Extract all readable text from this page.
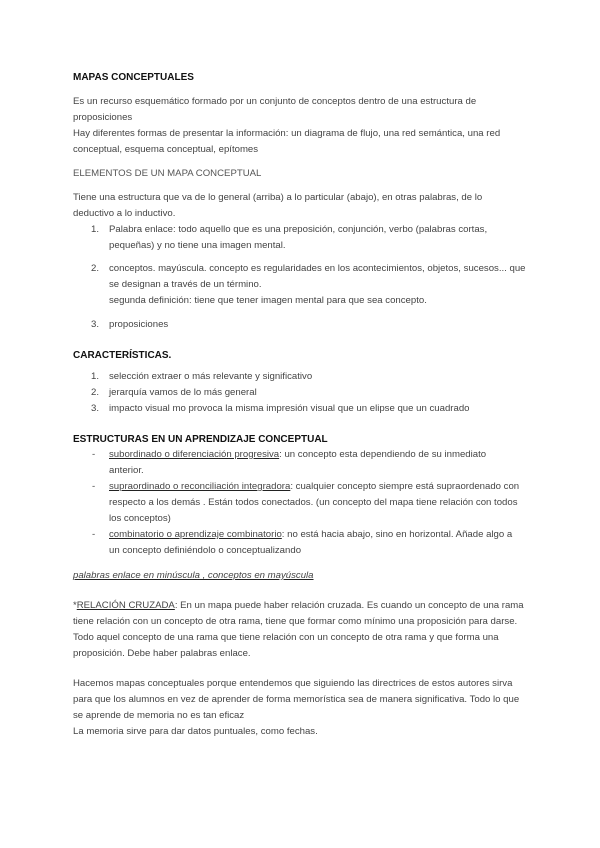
MAPAS CONCEPTUALES
Es un recurso esquemático formado por un conjunto de conceptos dentro de una estructura de
proposiciones
Hay diferentes formas de presentar la información: un diagrama de flujo, una red semántica, una red
conceptual, esquema conceptual, epítomes
ELEMENTOS DE UN MAPA CONCEPTUAL
Tiene una estructura que va de lo general (arriba) a lo particular (abajo), en otras palabras, de lo
deductivo a lo inductivo.
1. Palabra enlace: todo aquello que es una preposición, conjunción, verbo (palabras cortas,
pequeñas) y no tiene una imagen mental.
2. conceptos. mayúscula. concepto es regularidades en los acontecimientos, objetos, sucesos... que
se designan a través de un término.
segunda definición: tiene que tener imagen mental para que sea concepto.
3. proposiciones
CARACTERÍSTICAS.
1. selección extraer o más relevante y significativo
2. jerarquía vamos de lo más general
3. impacto visual mo provoca la misma impresión visual que un elipse que un cuadrado
ESTRUCTURAS EN UN APRENDIZAJE CONCEPTUAL
- subordinado o diferenciación progresiva: un concepto esta dependiendo de su inmediato
anterior.
- supraordinado o reconciliación integradora: cualquier concepto siempre está supraordenado con
respecto a los demás . Están todos conectados. (un concepto del mapa tiene relación con todos
los conceptos)
- combinatorio o aprendizaje combinatorio: no está hacia abajo, sino en horizontal. Añade algo a
un concepto definiéndolo o conceptualizando
palabras enlace en minúscula , conceptos en mayúscula
*RELACIÓN CRUZADA: En un mapa puede haber relación cruzada. Es cuando un concepto de una rama
tiene relación con un concepto de otra rama, tiene que formar como mínimo una proposición para darse.
Todo aquel concepto de una rama que tiene relación con un concepto de otra rama y que forma una
proposición. Debe haber palabras enlace.
Hacemos mapas conceptuales porque entendemos que siguiendo las directrices de estos autores sirva
para que los alumnos en vez de aprender de forma memorística sea de manera significativa. Todo lo que
se aprende de memoria no es tan eficaz
La memoria sirve para dar datos puntuales, como fechas.
